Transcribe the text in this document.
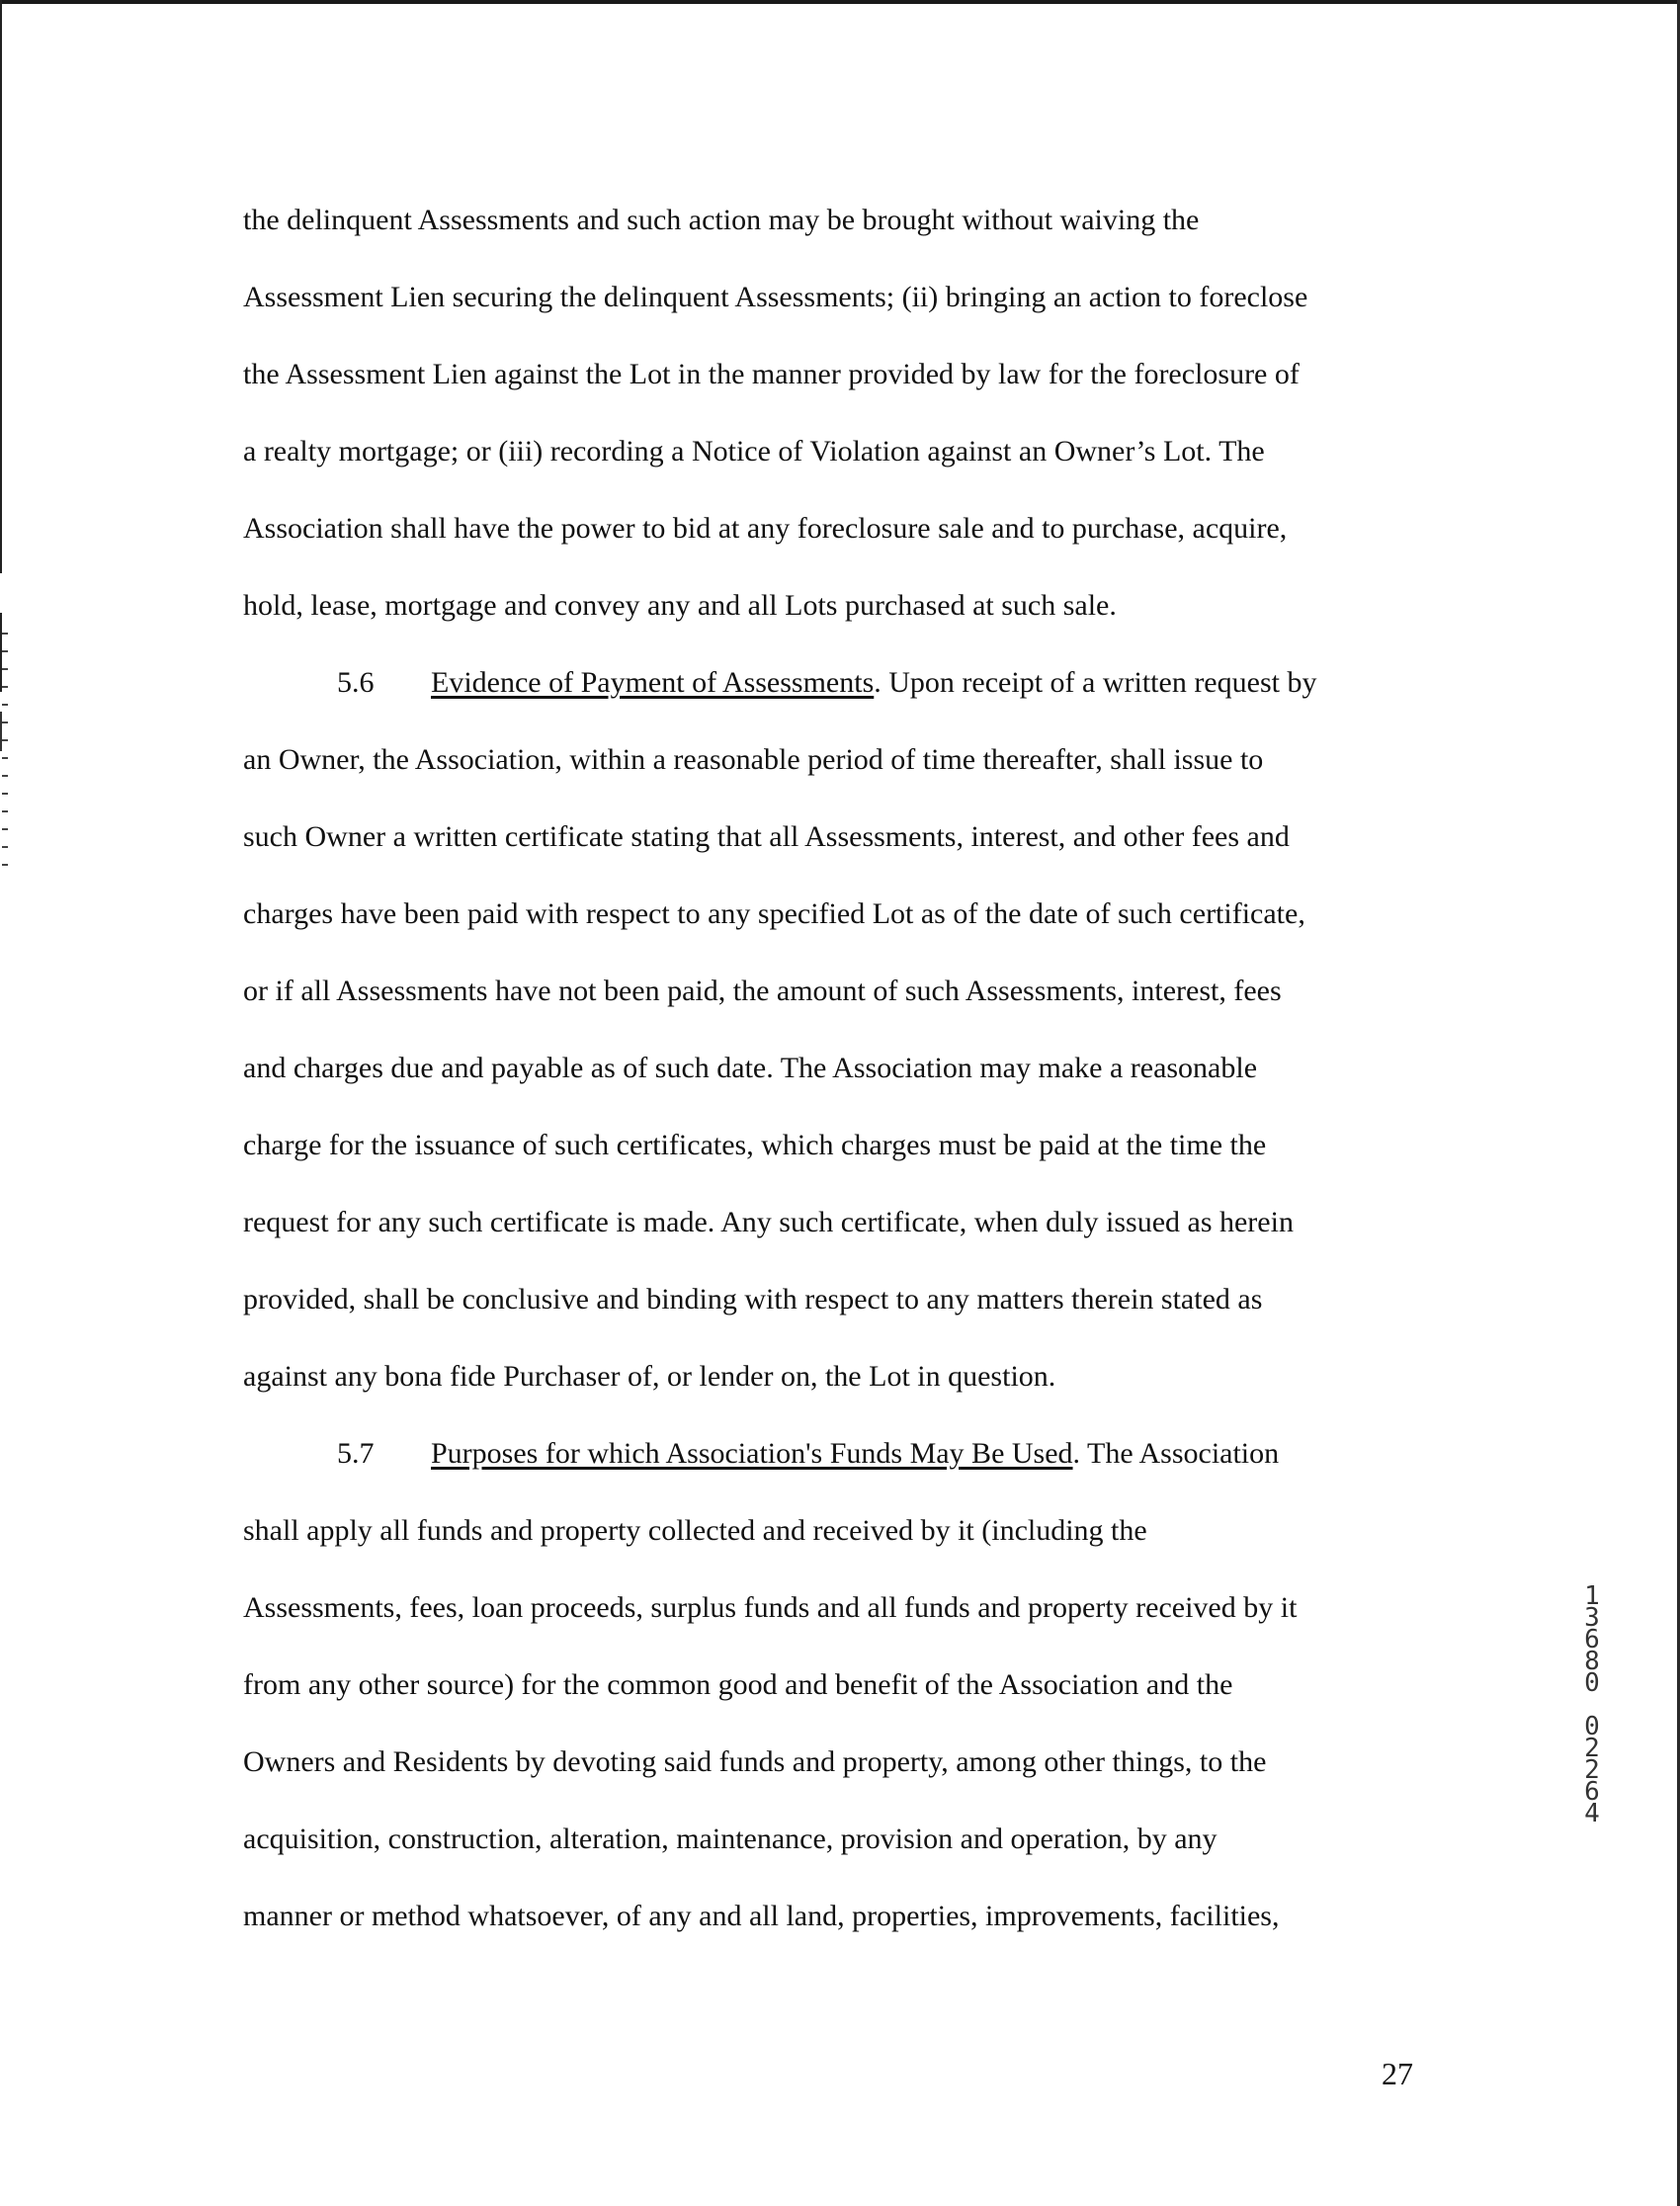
the delinquent Assessments and such action may be brought without waiving the
Assessment Lien securing the delinquent Assessments; (ii) bringing an action to foreclose
the Assessment Lien against the Lot in the manner provided by law for the foreclosure of
a realty mortgage; or (iii) recording a Notice of Violation against an Owner’s Lot. The
Association shall have the power to bid at any foreclosure sale and to purchase, acquire,
hold, lease, mortgage and convey any and all Lots purchased at such sale.
5.6 Evidence of Payment of Assessments. Upon receipt of a written request by
an Owner, the Association, within a reasonable period of time thereafter, shall issue to
such Owner a written certificate stating that all Assessments, interest, and other fees and
charges have been paid with respect to any specified Lot as of the date of such certificate,
or if all Assessments have not been paid, the amount of such Assessments, interest, fees
and charges due and payable as of such date. The Association may make a reasonable
charge for the issuance of such certificates, which charges must be paid at the time the
request for any such certificate is made. Any such certificate, when duly issued as herein
provided, shall be conclusive and binding with respect to any matters therein stated as
against any bona fide Purchaser of, or lender on, the Lot in question.
5.7 Purposes for which Association's Funds May Be Used. The Association
shall apply all funds and property collected and received by it (including the
Assessments, fees, loan proceeds, surplus funds and all funds and property received by it
from any other source) for the common good and benefit of the Association and the
Owners and Residents by devoting said funds and property, among other things, to the
acquisition, construction, alteration, maintenance, provision and operation, by any
manner or method whatsoever, of any and all land, properties, improvements, facilities,
1
3
6
8
0
0
2
2
6
4
27
